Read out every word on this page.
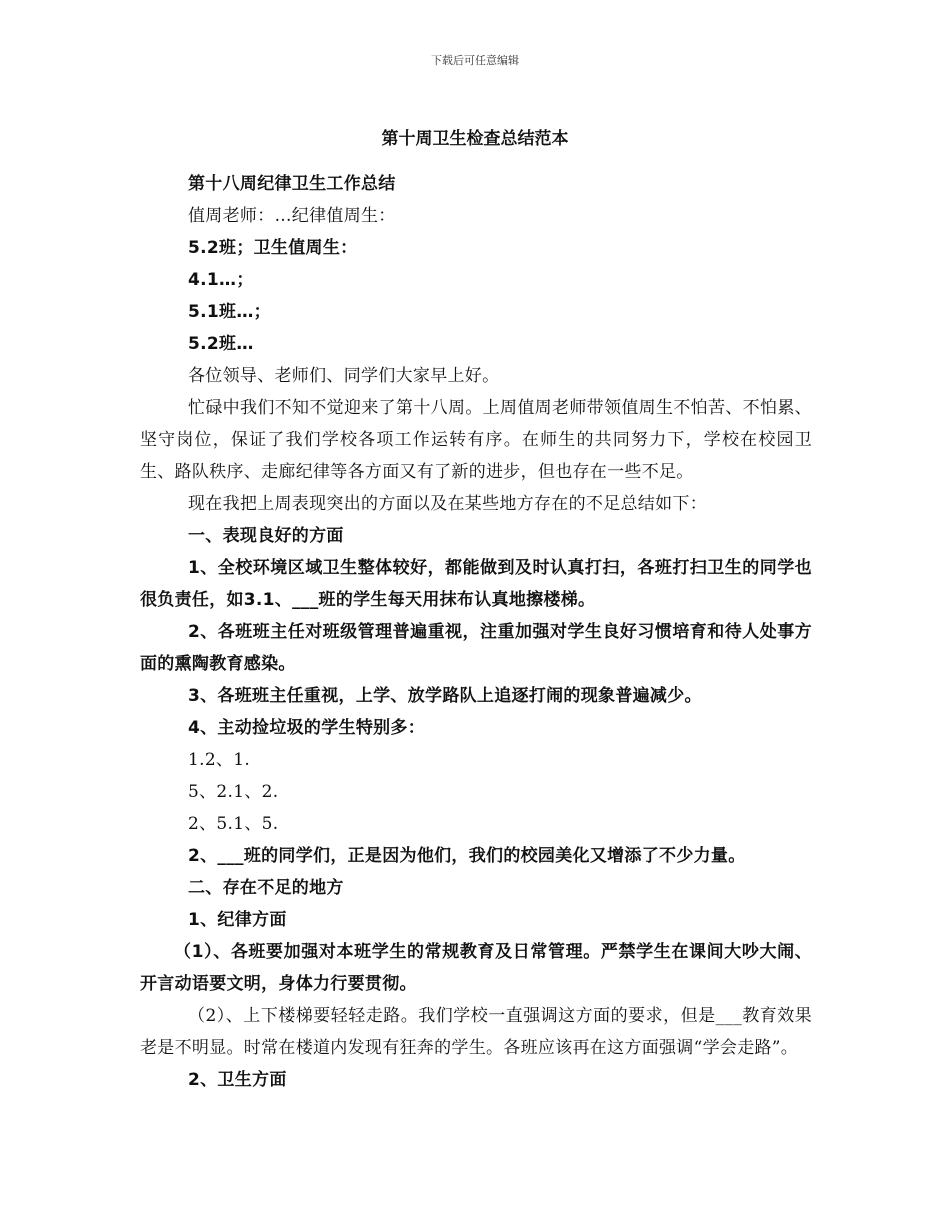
下载后可任意编辑
第十周卫生检查总结范本

第十八周纪律卫生工作总结

值周老师：…纪律值周生：

5.2班；卫生值周生：

4.1…；

5.1班…；

5.2班…

各位领导、老师们、同学们大家早上好。

忙碌中我们不知不觉迎来了第十八周。上周值周老师带领值周生不怕苦、不怕累、坚守岗位，保证了我们学校各项工作运转有序。在师生的共同努力下，学校在校园卫生、路队秩序、走廊纪律等各方面又有了新的进步，但也存在一些不足。

现在我把上周表现突出的方面以及在某些地方存在的不足总结如下：

一、表现良好的方面

1、全校环境区域卫生整体较好，都能做到及时认真打扫，各班打扫卫生的同学也很负责任，如3.1、___班的学生每天用抹布认真地擦楼梯。

2、各班班主任对班级管理普遍重视，注重加强对学生良好习惯培育和待人处事方面的熏陶教育感染。

3、各班班主任重视，上学、放学路队上追逐打闹的现象普遍减少。

4、主动捡垃圾的学生特别多：

1.2、1.

5、2.1、2.

2、5.1、5.

2、___班的同学们，正是因为他们，我们的校园美化又增添了不少力量。

二、存在不足的地方

1、纪律方面

（1）、各班要加强对本班学生的常规教育及日常管理。严禁学生在课间大吵大闹、开言动语要文明，身体力行要贯彻。

（2）、上下楼梯要轻轻走路。我们学校一直强调这方面的要求，但是___教育效果老是不明显。时常在楼道内发现有狂奔的学生。各班应该再在这方面强调“学会走路”。

2、卫生方面
